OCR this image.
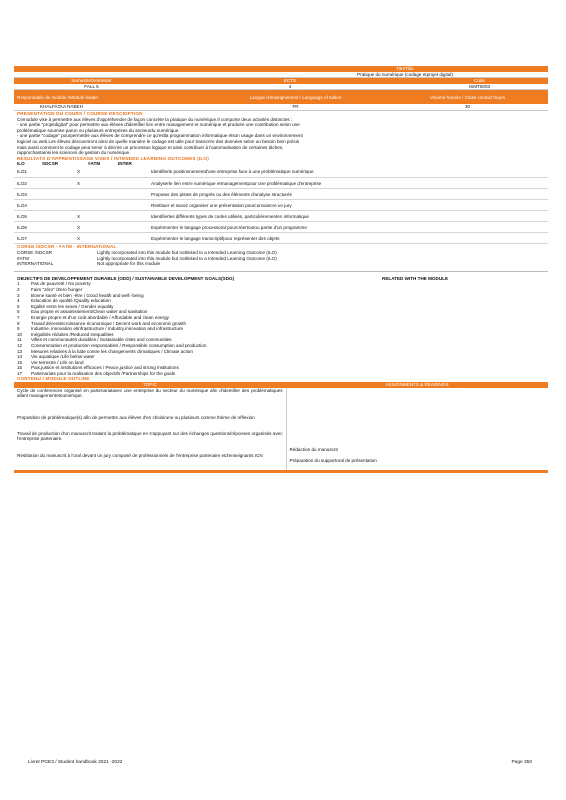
TitreTitle
Pratique du numérique (codage etprojet digital)
Semestre/Semester	ECTS	Code
FALL 5	4	ISMT5003
Responsable de module /Module leader	Langue d'enseignement / Language of tuition	Volume horaire / Class contact hours
KHALFAOUI RABEH	FR	30
PRESENTATION DU COURS / COURSE DESCRIPTION
Cemodule vise à permettre aux élèves d'appréhender de façon concrète la pratique du numérique.Il comporte deux activités distinctes :
- une partie "projetdigital" pour permettre aux élèves d'identifier lien entre management et numérique et produire une contribution selon une
problématique soumise parun ou plusieurs entreprises du secteurdu numérique.
- une partie "codage" pourpermettre aux élèves de comprendre ce qu'estla programmation informatique etson usage dans un environnement
logiciel ou web.Les élèves découvriront ainsi de quelle manière le codage est utile pour transcrire des données selon un besoin bien précis
mais aussi comment le codage peut servir à décrire un processus logique et ainsi contribuer à l'automatisation de certaines tâches,
rapprochantainsi les sciences de gestion du numérique.
RESULTATS D'APPRENTISSAGE VISES / INTENDED LEARNING OUTCOMES (ILO)
ILO	SDCSR	#ATM	INTER
ILO1	X	Identifierle positionnementd'une entreprise face à une problématique numérique
ILO2	X	Analyserle lien entre numérique etmanagementpour une problématique d'entreprise
ILO3		Proposer des pistes de progrès ou des éléments d'analyse structurés
ILO4		Restituer et savoir organiser une présentation pourconvaincre un jury
ILO5	X	Identifierles différents types de codes utilisés, particulièrementen informatique
ILO6	X	Expérimenter le langage processoral pourcréertoutou partie d'un programme
ILO7	X	Expérimenter le langage transcriptifpour représenter des objets
CORSE /SDCSR - #ATM - INTERNATIONAL
CORSE /SDCSR	Lightly incorporated into this module but notlinked to a Intended Learning Outcome (ILO)
#ATM	Lightly incorporated into this module but notlinked to a Intended Learning Outcome (ILO)
INTERNATIONAL	Not appropriate for this module
OBJECTIFS DE DEVELOPPEMENT DURABLE (ODD) / SUSTAINABLE DEVELOPMENT GOALS(SDG)	RELATED WITH THE MODULE
1	Pas de pauvreté / No poverty
2	Faim "zéro" /Zero hunger
3	Bonne santé et bien -être / Good health and well -being
4	Education de qualité /Quality education
5	Egalité entre les sexes / Gender equality
6	Eau propre et assainissement/Clean water and sanitation
7	Energie propre et d'un coût abordable / Affordable and clean energy
8	Travail décentetcroissance économique / Decent work and economic growth
9	Industrie, innovation etinfrastructure / Industry,innovation and infrastructure
10	Inégalités réduites /Reduced inequalities
11	Villes et communautés durables / Sustainable cities and communities
12	Consommation et production responsables / Responsible consumption and production
13	Mesures relatives à la lutte contre les changements climatiques / Climate action
14	Vie aquatique /Life below water
15	Vie terrestre / Life on land
16	Paix,justice et institutions efficaces / Peace,justice and strong institutions
17	Partenariats pour la realisation des objectifs /Partnerships for the goals
CONTENU / MODULE OUTLINE
TOPIC	ASSIGNMENTS & READINGS
Cycle de conferences organisé en partenariatavec une entreprise du secteur du numérique afin d'identifier des problématiques allant managementetnumérique.	
Proposition de problématique(s) afin de permettre aux élèves d'en choisirune ou plusieurs comme thème de réflexion	
Travail de production d'un manuscrit traitant la problématique en s'appuyant sur des échanges questions/réponses organisés avec l'entreprise partenaire.	Rédaction du manuscrit
Restitution du manuscrit à l'oral devant un jury composé de professionnels de l'entreprise partenaire etd'enseignants ICN	Préparation du supportoral de présentation
Livret PGE3 / Student handbook 2021 -2022	Page 350
